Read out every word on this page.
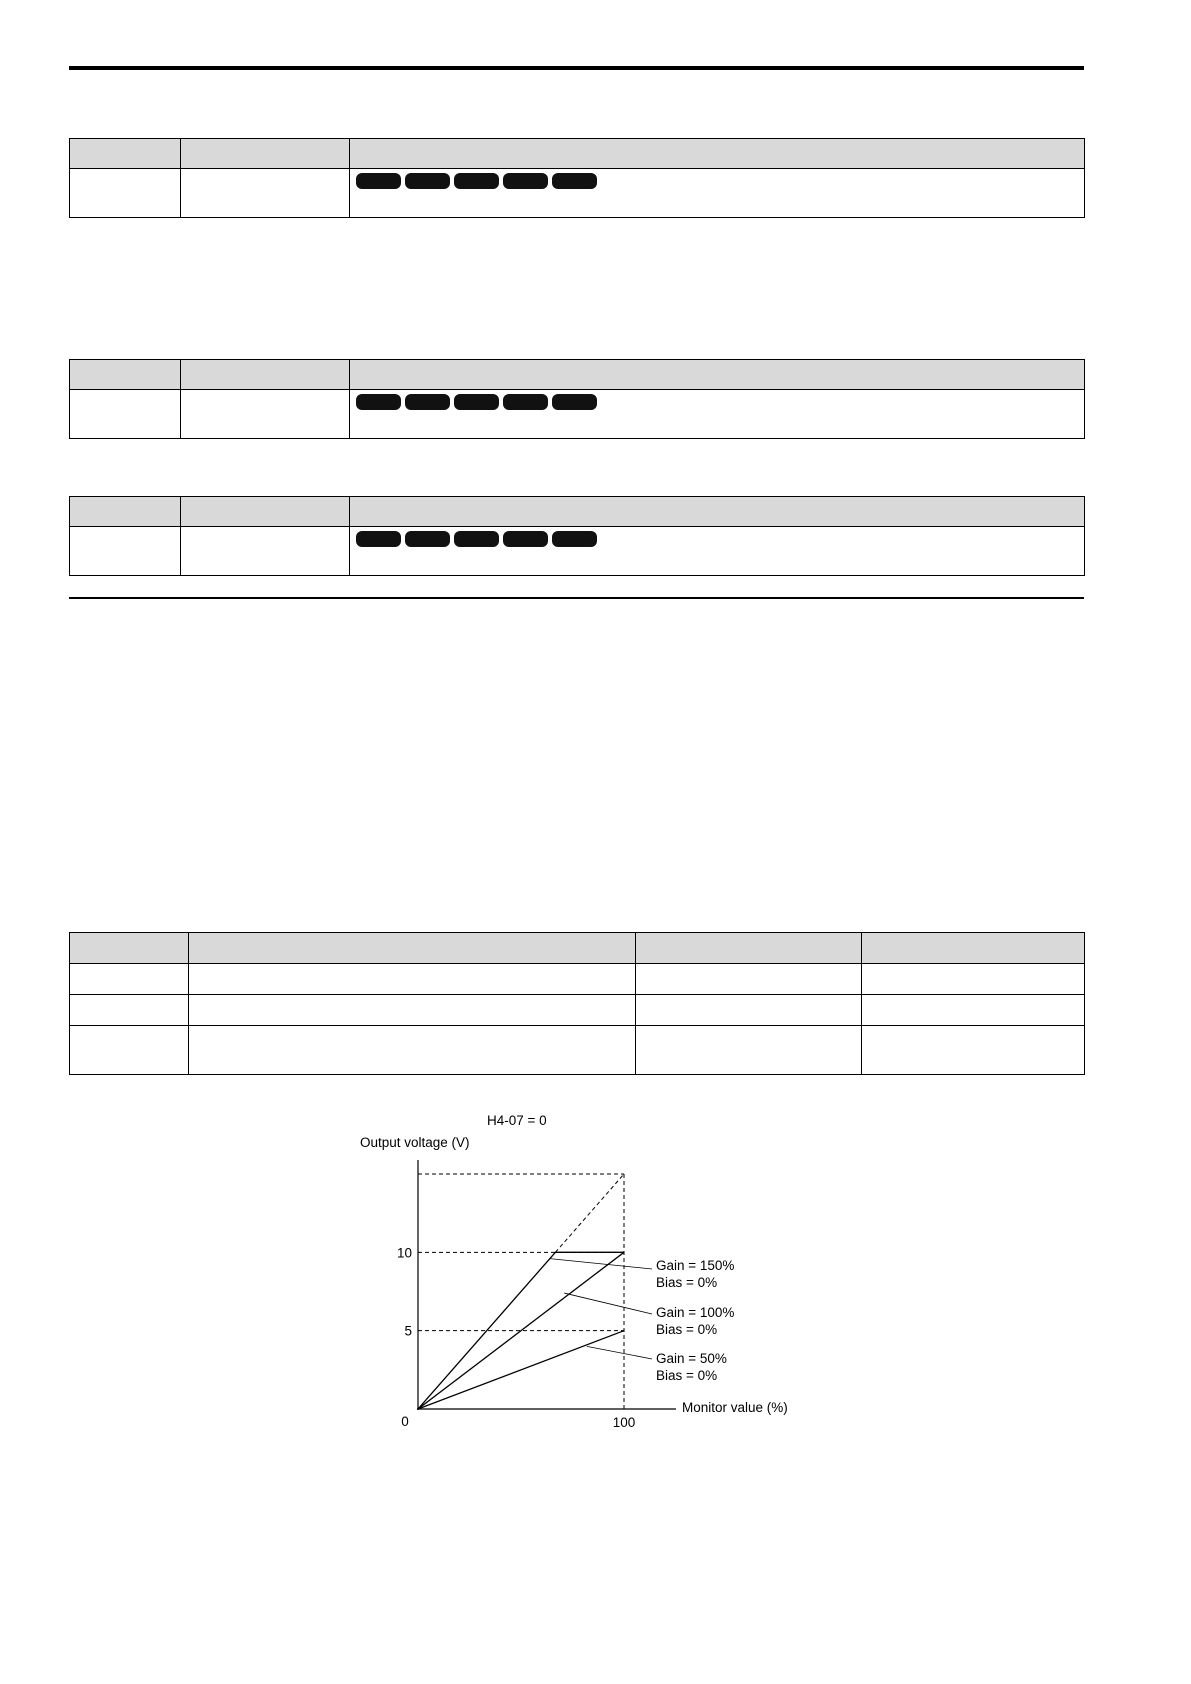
H4-07 = 0
Output voltage (V)
Monitor value (%)
0
10
5
100
Gain = 150%
Bias = 0%
Gain = 100%
Bias = 0%
Gain = 50%
Bias = 0%
